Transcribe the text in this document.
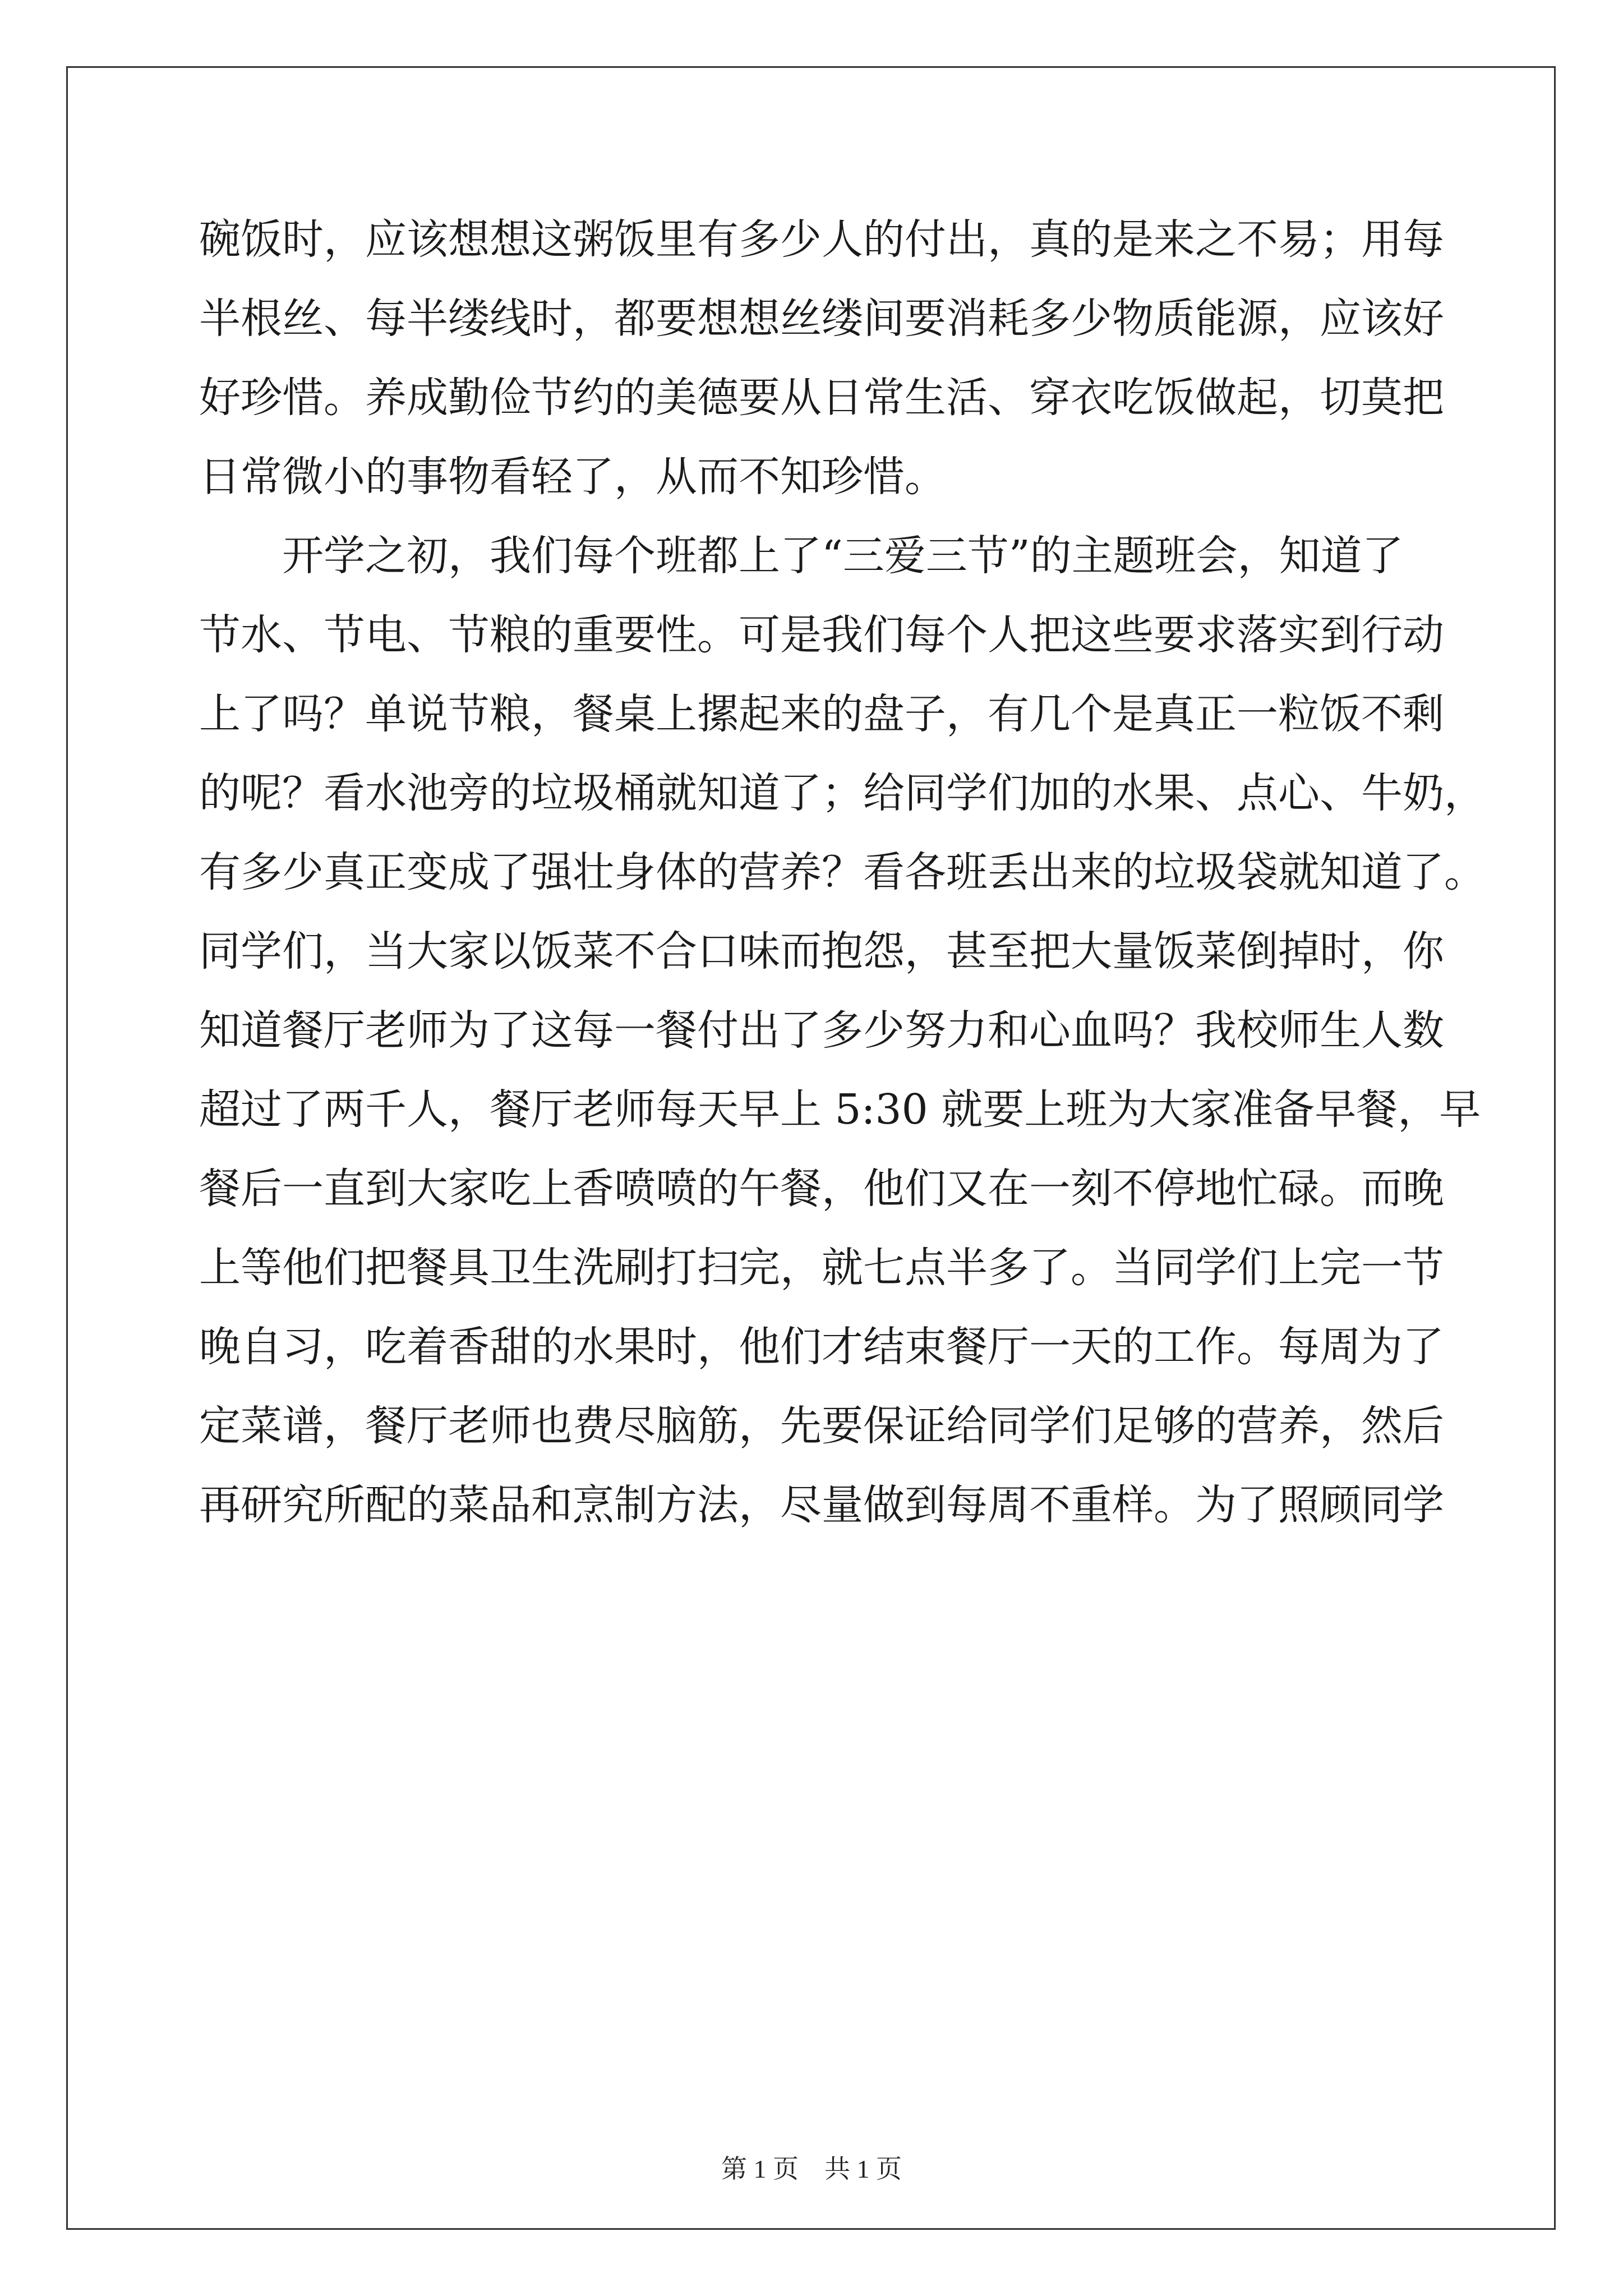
碗饭时，应该想想这粥饭里有多少人的付出，真的是来之不易；用每
半根丝、每半缕线时，都要想想丝缕间要消耗多少物质能源，应该好
好珍惜。养成勤俭节约的美德要从日常生活、穿衣吃饭做起，切莫把
日常微小的事物看轻了，从而不知珍惜。
　　开学之初，我们每个班都上了“三爱三节”的主题班会，知道了
节水、节电、节粮的重要性。可是我们每个人把这些要求落实到行动
上了吗？单说节粮，餐桌上摞起来的盘子，有几个是真正一粒饭不剩
的呢？看水池旁的垃圾桶就知道了；给同学们加的水果、点心、牛奶，
有多少真正变成了强壮身体的营养？看各班丢出来的垃圾袋就知道了。
同学们，当大家以饭菜不合口味而抱怨，甚至把大量饭菜倒掉时，你
知道餐厅老师为了这每一餐付出了多少努力和心血吗？我校师生人数
超过了两千人，餐厅老师每天早上 5:30 就要上班为大家准备早餐，早
餐后一直到大家吃上香喷喷的午餐，他们又在一刻不停地忙碌。而晚
上等他们把餐具卫生洗刷打扫完，就七点半多了。当同学们上完一节
晚自习，吃着香甜的水果时，他们才结束餐厅一天的工作。每周为了
定菜谱，餐厅老师也费尽脑筋，先要保证给同学们足够的营养，然后
再研究所配的菜品和烹制方法，尽量做到每周不重样。为了照顾同学
第 1 页　共 1 页
